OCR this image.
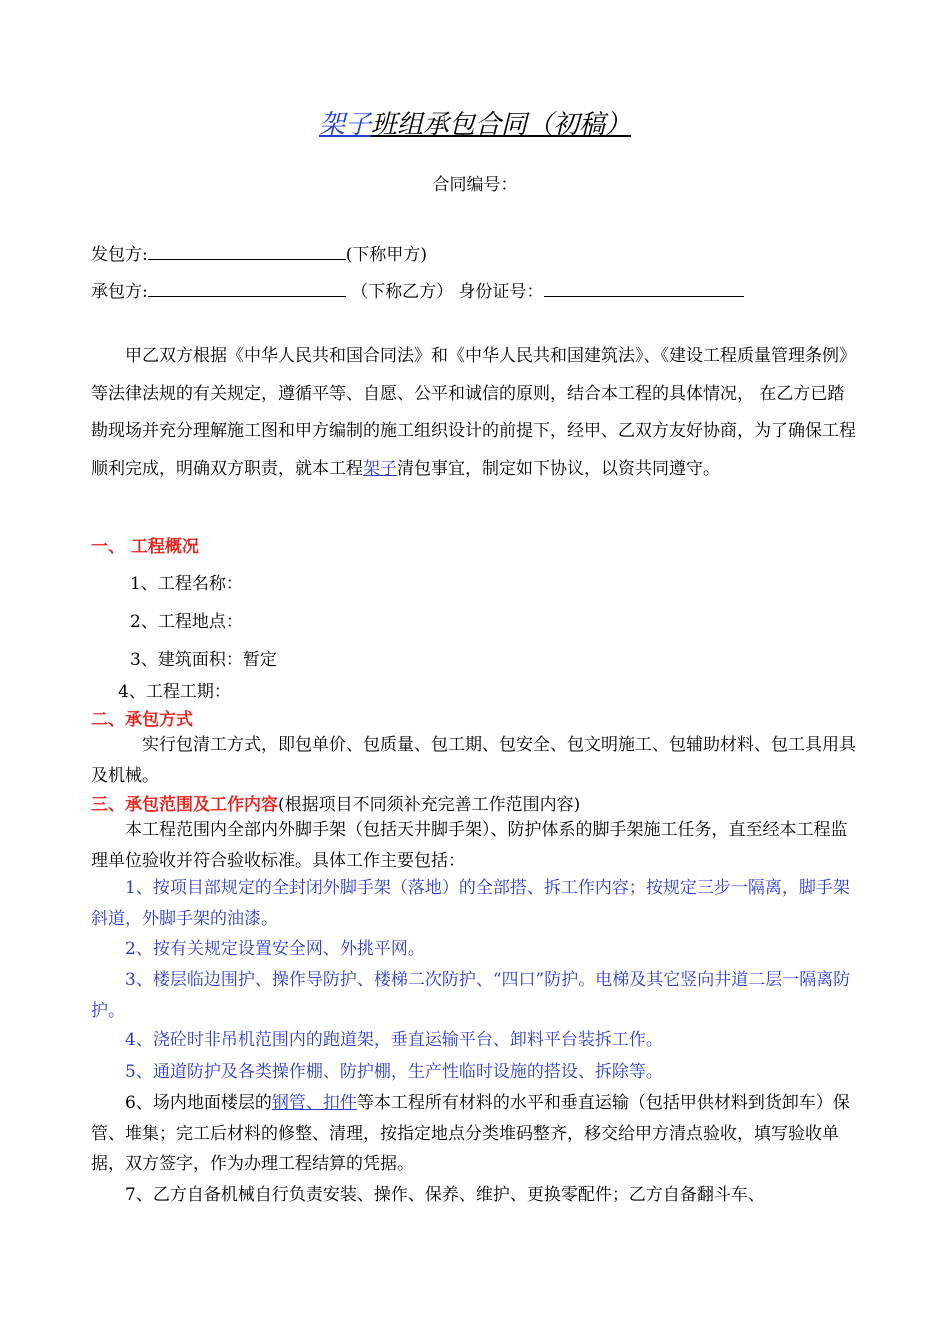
架子班组承包合同（初稿）
合同编号：
发包方:	(下称甲方)
承包方:	（下称乙方） 身份证号：

甲乙双方根据《中华人民共和国合同法》和《中华人民共和国建筑法》、《建设工程质量管理条例》等法律法规的有关规定，遵循平等、自愿、公平和诚信的原则，结合本工程的具体情况， 在乙方已踏勘现场并充分理解施工图和甲方编制的施工组织设计的前提下，经甲、乙双方友好协商，为了确保工程顺利完成，明确双方职责，就本工程架子清包事宜，制定如下协议，以资共同遵守。

一、 工程概况
1、工程名称：
2、工程地点：
3、建筑面积：暂定
4、工程工期：
二、承包方式

实行包清工方式，即包单价、包质量、包工期、包安全、包文明施工、包辅助材料、包工具用具及机械。

三、承包范围及工作内容(根据项目不同须补充完善工作范围内容)

本工程范围内全部内外脚手架（包括天井脚手架）、防护体系的脚手架施工任务，直至经本工程监理单位验收并符合验收标准。具体工作主要包括：

1、按项目部规定的全封闭外脚手架（落地）的全部搭、拆工作内容；按规定三步一隔离，脚手架斜道，外脚手架的油漆。

2、按有关规定设置安全网、外挑平网。

3、楼层临边围护、操作导防护、楼梯二次防护、“四口”防护。电梯及其它竖向井道二层一隔离防护。

4、浇砼时非吊机范围内的跑道架，垂直运输平台、卸料平台装拆工作。

5、通道防护及各类操作棚、防护棚，生产性临时设施的搭设、拆除等。

6、场内地面楼层的钢管、扣件等本工程所有材料的水平和垂直运输（包括甲供材料到货卸车）保管、堆集；完工后材料的修整、清理，按指定地点分类堆码整齐，移交给甲方清点验收，填写验收单据，双方签字，作为办理工程结算的凭据。

7、乙方自备机械自行负责安装、操作、保养、维护、更换零配件；乙方自备翻斗车、
